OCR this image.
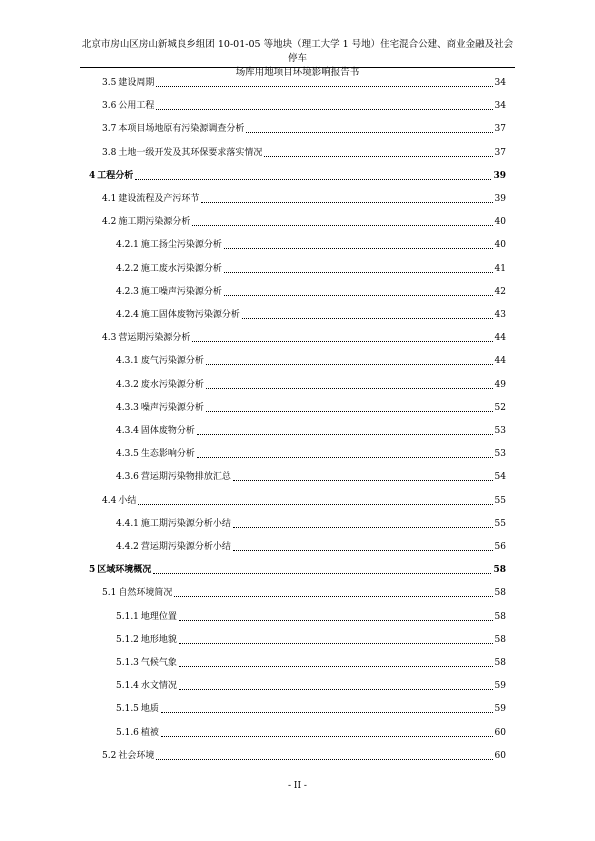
北京市房山区房山新城良乡组团 10-01-05 等地块（理工大学 1 号地）住宅混合公建、商业金融及社会停车
场库用地项目环境影响报告书
3.5 建设周期	34
3.6 公用工程	34
3.7 本项目场地原有污染源调查分析	37
3.8 土地一级开发及其环保要求落实情况	37
4 工程分析	39
4.1 建设流程及产污环节	39
4.2 施工期污染源分析	40
4.2.1 施工扬尘污染源分析	40
4.2.2 施工废水污染源分析	41
4.2.3 施工噪声污染源分析	42
4.2.4 施工固体废物污染源分析	43
4.3 营运期污染源分析	44
4.3.1 废气污染源分析	44
4.3.2 废水污染源分析	49
4.3.3 噪声污染源分析	52
4.3.4 固体废物分析	53
4.3.5 生态影响分析	53
4.3.6 营运期污染物排放汇总	54
4.4 小结	55
4.4.1 施工期污染源分析小结	55
4.4.2 营运期污染源分析小结	56
5 区域环境概况	58
5.1 自然环境简况	58
5.1.1 地理位置	58
5.1.2 地形地貌	58
5.1.3 气候气象	58
5.1.4 水文情况	59
5.1.5 地质	59
5.1.6 植被	60
5.2 社会环境	60
- II -
